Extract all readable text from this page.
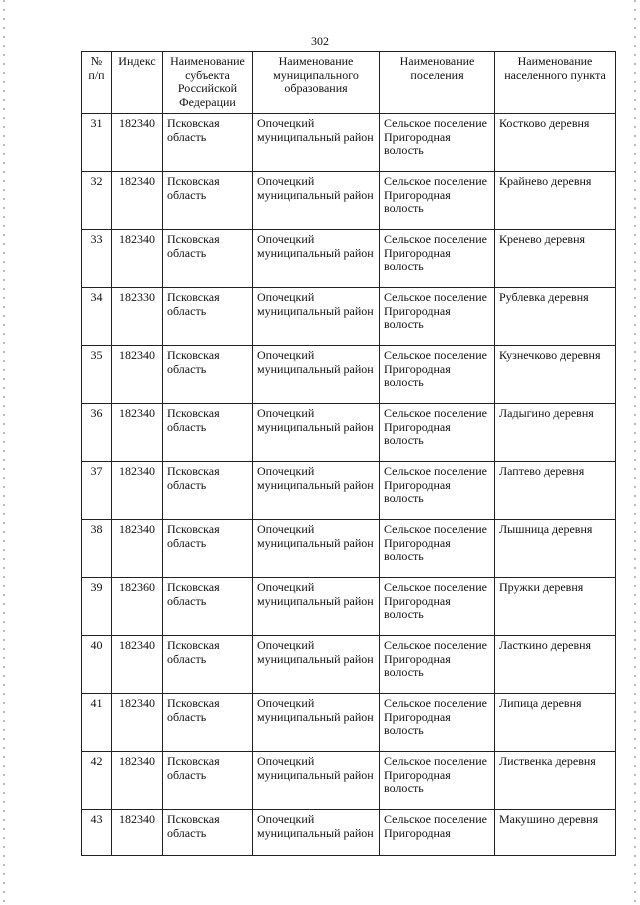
302
№ п/п	Индекс	Наименование субъекта Российской Федерации	Наименование муниципального образования	Наименование поселения	Наименование населенного пункта
31	182340	Псковская область	Опочецкий муниципальный район	Сельское поселение Пригородная волость	Костково деревня
32	182340	Псковская область	Опочецкий муниципальный район	Сельское поселение Пригородная волость	Крайнево деревня
33	182340	Псковская область	Опочецкий муниципальный район	Сельское поселение Пригородная волость	Кренево деревня
34	182330	Псковская область	Опочецкий муниципальный район	Сельское поселение Пригородная волость	Рублевка деревня
35	182340	Псковская область	Опочецкий муниципальный район	Сельское поселение Пригородная волость	Кузнечково деревня
36	182340	Псковская область	Опочецкий муниципальный район	Сельское поселение Пригородная волость	Ладыгино деревня
37	182340	Псковская область	Опочецкий муниципальный район	Сельское поселение Пригородная волость	Лаптево деревня
38	182340	Псковская область	Опочецкий муниципальный район	Сельское поселение Пригородная волость	Лышница деревня
39	182360	Псковская область	Опочецкий муниципальный район	Сельское поселение Пригородная волость	Пружки деревня
40	182340	Псковская область	Опочецкий муниципальный район	Сельское поселение Пригородная волость	Ласткино деревня
41	182340	Псковская область	Опочецкий муниципальный район	Сельское поселение Пригородная волость	Липица деревня
42	182340	Псковская область	Опочецкий муниципальный район	Сельское поселение Пригородная волость	Лиственка деревня
43	182340	Псковская область	Опочецкий муниципальный район	Сельское поселение Пригородная	Макушино деревня
